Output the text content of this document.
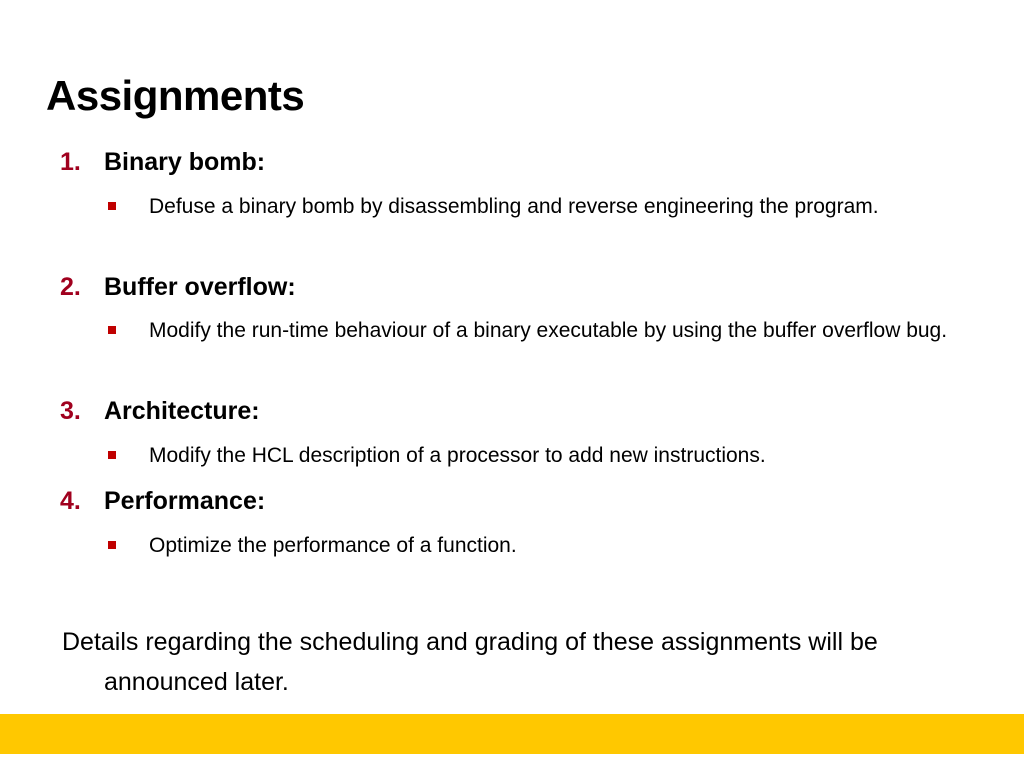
Assignments
1. Binary bomb:
Defuse a binary bomb by disassembling and reverse engineering the program.
2. Buffer overflow:
Modify the run-time behaviour of a binary executable by using the buffer overflow bug.
3. Architecture:
Modify the HCL description of a processor to add new instructions.
4. Performance:
Optimize the performance of a function.
Details regarding the scheduling and grading of these assignments will be announced later.
